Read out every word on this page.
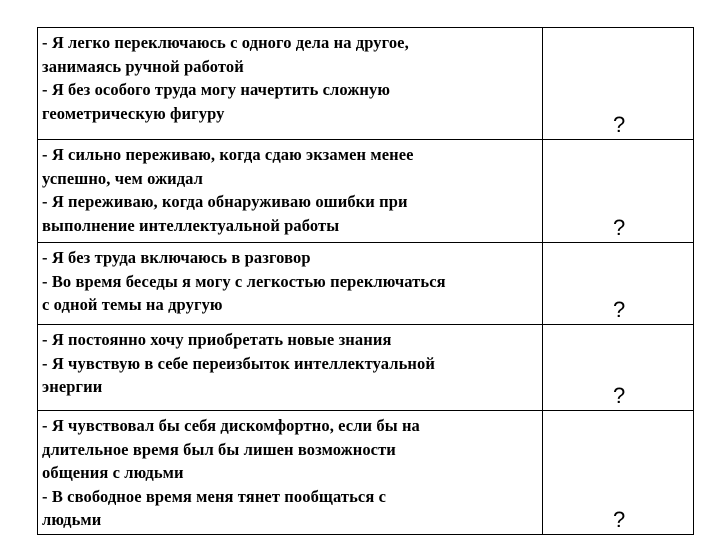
- Я легко переключаюсь с одного дела на другое,
занимаясь ручной работой
- Я без особого труда могу начертить сложную
геометрическую фигуру	?

- Я сильно переживаю, когда сдаю экзамен менее
успешно, чем ожидал
- Я переживаю, когда обнаруживаю ошибки при
выполнение интеллектуальной работы	?

- Я без труда включаюсь в разговор
- Во время беседы я могу с легкостью переключаться
с одной темы на другую	?

- Я постоянно хочу приобретать новые знания
- Я чувствую в себе переизбыток интеллектуальной
энергии	?

- Я чувствовал бы себя дискомфортно, если бы на
длительное время был бы лишен возможности
общения с людьми
- В свободное время меня тянет пообщаться с
людьми	?
